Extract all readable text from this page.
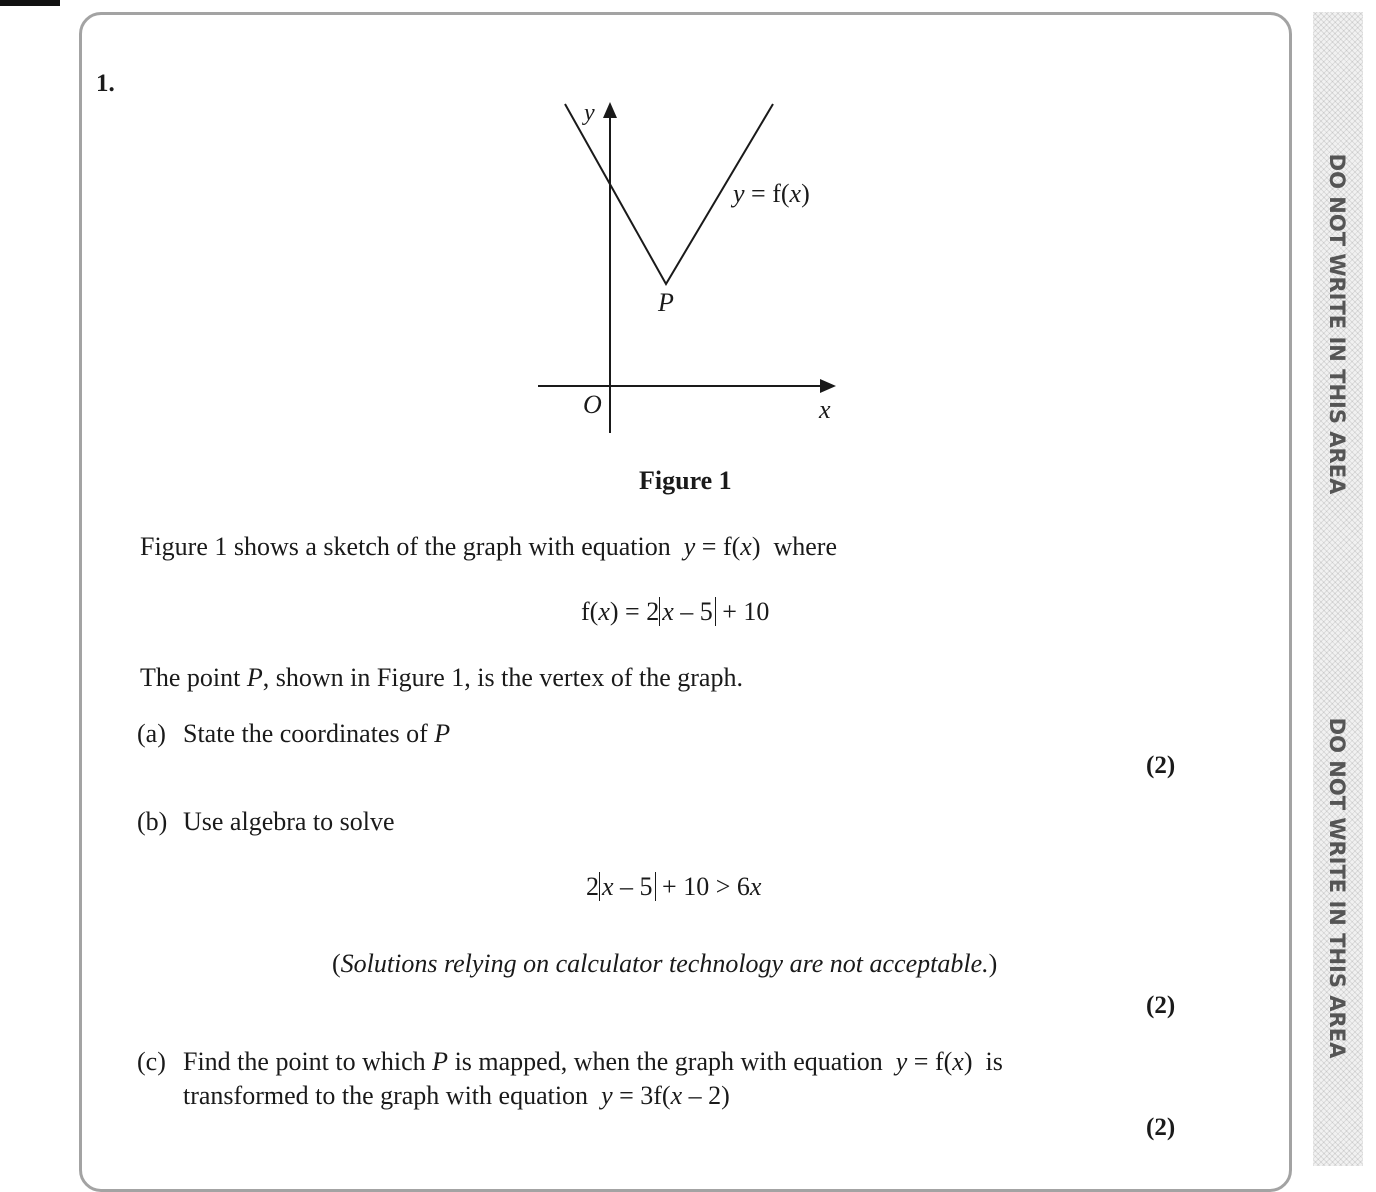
DO NOT WRITE IN THIS AREA
DO NOT WRITE IN THIS AREA
1.
y
y = f(x)
P
O	x
Figure 1
Figure 1 shows a sketch of the graph with equation y = f(x) where
f(x) = 2 x – 5 + 10
The point P, shown in Figure 1, is the vertex of the graph.
(a) State the coordinates of P
(2)
(b) Use algebra to solve
2 x – 5 + 10 > 6x
(Solutions relying on calculator technology are not acceptable.)
(2)
(c) Find the point to which P is mapped, when the graph with equation y = f(x) is
transformed to the graph with equation y = 3f(x – 2)
(2)
